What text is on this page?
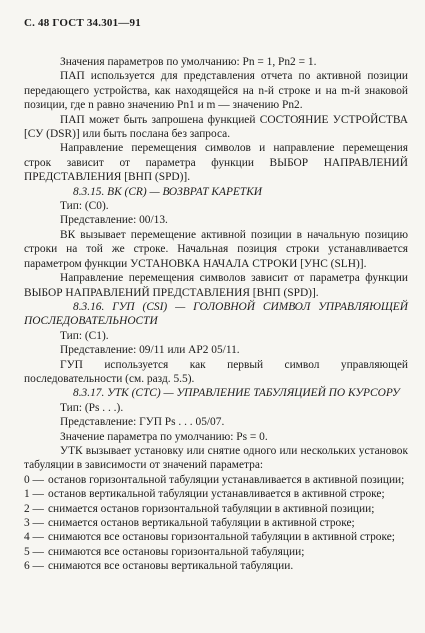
С. 48 ГОСТ 34.301—91

Значения параметров по умолчанию: Pn = 1, Pn2 = 1.

ПАП используется для представления отчета по активной позиции передающего устройства, как находящейся на n-й строке и на m-й знаковой позиции, где n равно значению Pn1 и m — значению Pn2.

ПАП может быть запрошена функцией СОСТОЯНИЕ УСТРОЙСТВА [СУ (DSR)] или быть послана без запроса.

Направление перемещения символов и направление перемещения строк зависит от параметра функции ВЫБОР НАПРАВЛЕНИЙ ПРЕДСТАВЛЕНИЯ [ВНП (SPD)].

8.3.15. ВК (CR) — ВОЗВРАТ КАРЕТКИ

Тип: (C0).

Представление: 00/13.

ВК вызывает перемещение активной позиции в начальную позицию строки на той же строке. Начальная позиция строки устанавливается параметром функции УСТАНОВКА НАЧАЛА СТРОКИ [УНС (SLH)].

Направление перемещения символов зависит от параметра функции ВЫБОР НАПРАВЛЕНИЙ ПРЕДСТАВЛЕНИЯ [ВНП (SPD)].

8.3.16. ГУП (CSI) — ГОЛОВНОЙ СИМВОЛ УПРАВЛЯЮЩЕЙ ПОСЛЕДОВАТЕЛЬНОСТИ

Тип: (C1).

Представление: 09/11 или АР2 05/11.

ГУП используется как первый символ управляющей последовательности (см. разд. 5.5).

8.3.17. УТК (CTC) — УПРАВЛЕНИЕ ТАБУЛЯЦИЕЙ ПО КУРСОРУ

Тип: (Ps . . .).

Представление: ГУП Ps . . . 05/07.

Значение параметра по умолчанию: Ps = 0.

УТК вызывает установку или снятие одного или нескольких установок табуляции в зависимости от значений параметра:

0 — останов горизонтальной табуляции устанавливается в активной позиции;
1 — останов вертикальной табуляции устанавливается в активной строке;
2 — снимается останов горизонтальной табуляции в активной позиции;
3 — снимается останов вертикальной табуляции в активной строке;
4 — снимаются все остановы горизонтальной табуляции в активной строке;
5 — снимаются все остановы горизонтальной табуляции;
6 — снимаются все остановы вертикальной табуляции.
